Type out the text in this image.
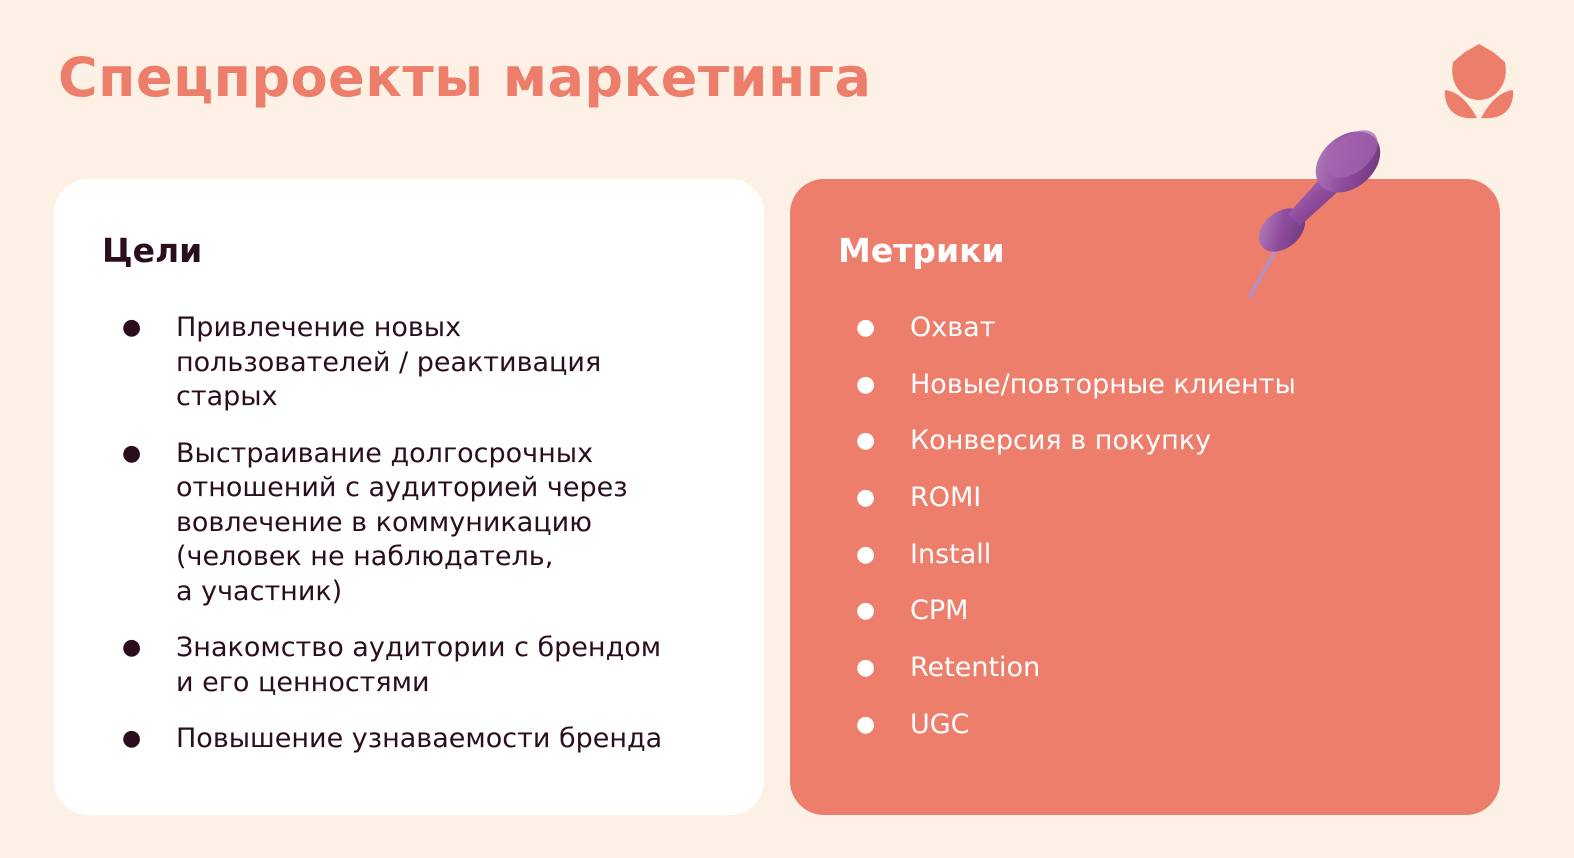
Спецпроекты маркетинга
Цели
● Привлечение новых
пользователей / реактивация
старых
● Выстраивание долгосрочных
отношений с аудиторией через
вовлечение в коммуникацию
(человек не наблюдатель,
а участник)
● Знакомство аудитории с брендом
и его ценностями
● Повышение узнаваемости бренда
Метрики
● Охват
● Новые/повторные клиенты
● Конверсия в покупку
● ROMI
● Install
● CPM
● Retention
● UGC
